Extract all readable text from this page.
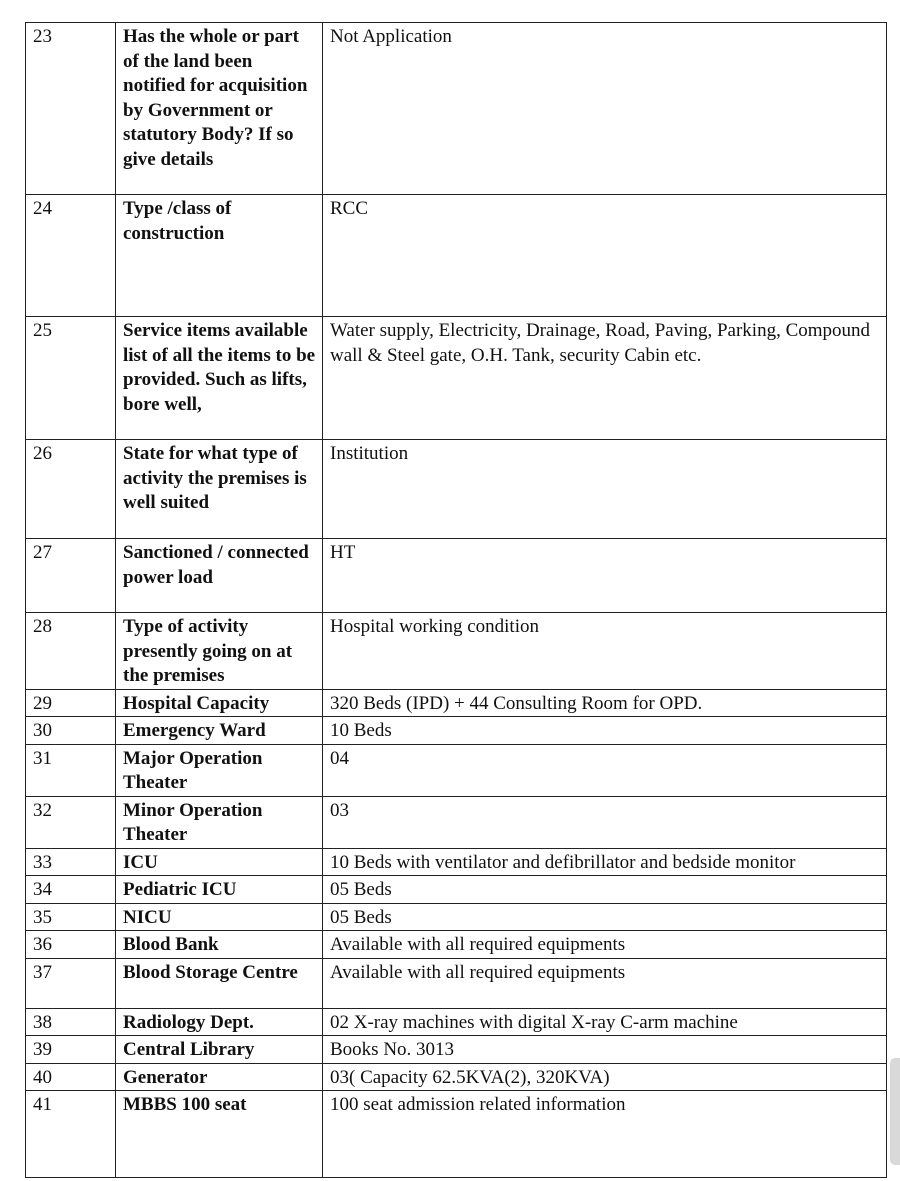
23	Has the whole or part of the land been notified for acquisition by Government or statutory Body? If so give details	Not Application
24	Type /class of construction	RCC
25	Service items available list of all the items to be provided. Such as lifts, bore well,	Water supply, Electricity, Drainage, Road, Paving, Parking, Compound wall & Steel gate, O.H. Tank, security Cabin etc.
26	State for what type of activity the premises is well suited	Institution
27	Sanctioned / connected power load	HT
28	Type of activity presently going on at the premises	Hospital working condition
29	Hospital Capacity	320 Beds (IPD) + 44 Consulting Room for OPD.
30	Emergency Ward	10 Beds
31	Major Operation Theater	04
32	Minor Operation Theater	03
33	ICU	10 Beds with ventilator and defibrillator and bedside monitor
34	Pediatric ICU	05 Beds
35	NICU	05 Beds
36	Blood Bank	Available with all required equipments
37	Blood Storage Centre	Available with all required equipments
38	Radiology Dept.	02 X-ray machines with digital X-ray C-arm machine
39	Central Library	Books No. 3013
40	Generator	03( Capacity 62.5KVA(2), 320KVA)
41	MBBS 100 seat	100 seat admission related information
